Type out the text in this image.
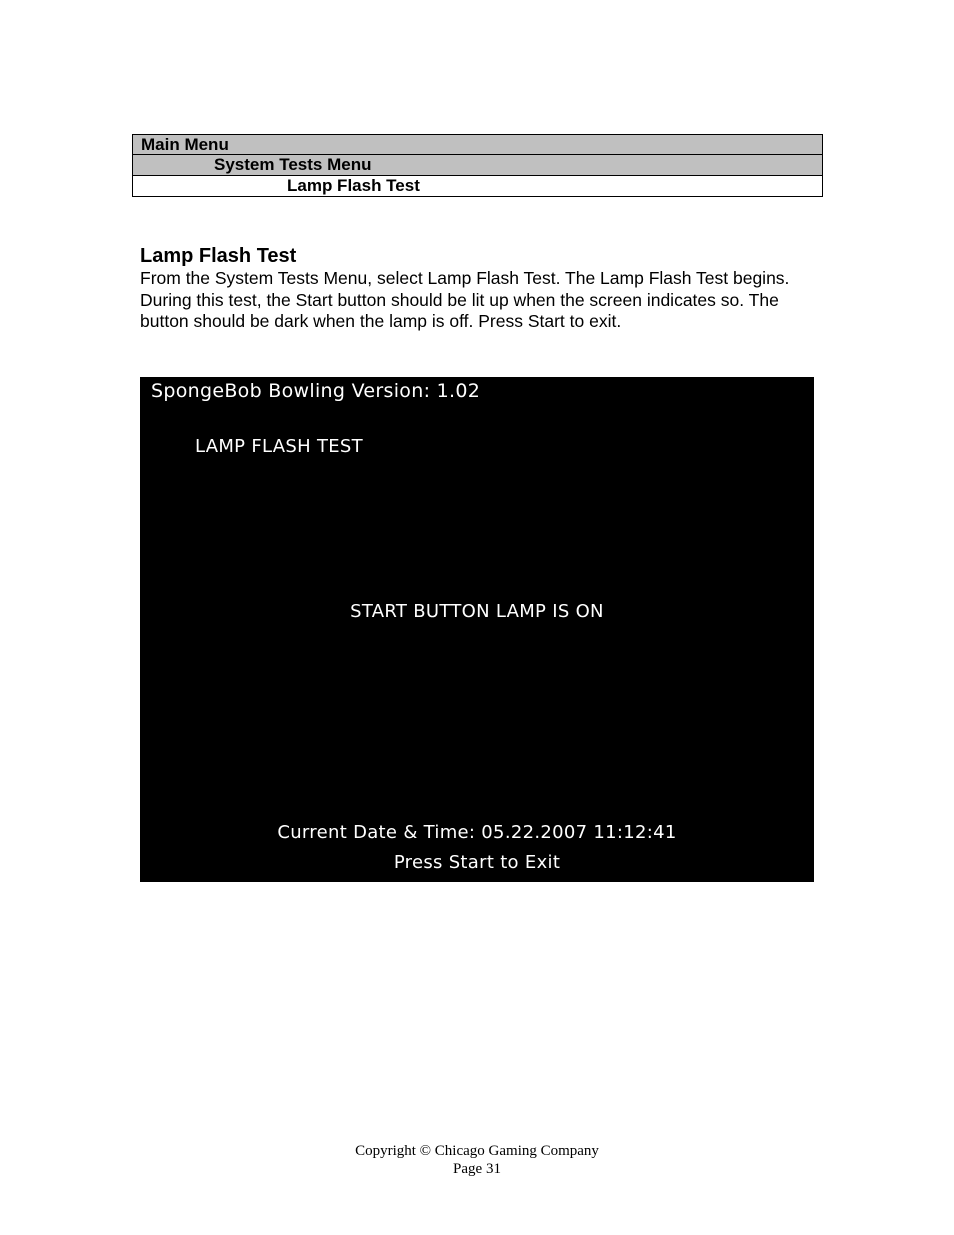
Main Menu
System Tests Menu
Lamp Flash Test
Lamp Flash Test
From the System Tests Menu, select Lamp Flash Test. The Lamp Flash Test begins. During this test, the Start button should be lit up when the screen indicates so. The button should be dark when the lamp is off. Press Start to exit.
SpongeBob Bowling Version: 1.02
LAMP FLASH TEST
START BUTTON LAMP IS ON
Current Date & Time: 05.22.2007 11:12:41
Press Start to Exit
Copyright © Chicago Gaming Company
Page 31
